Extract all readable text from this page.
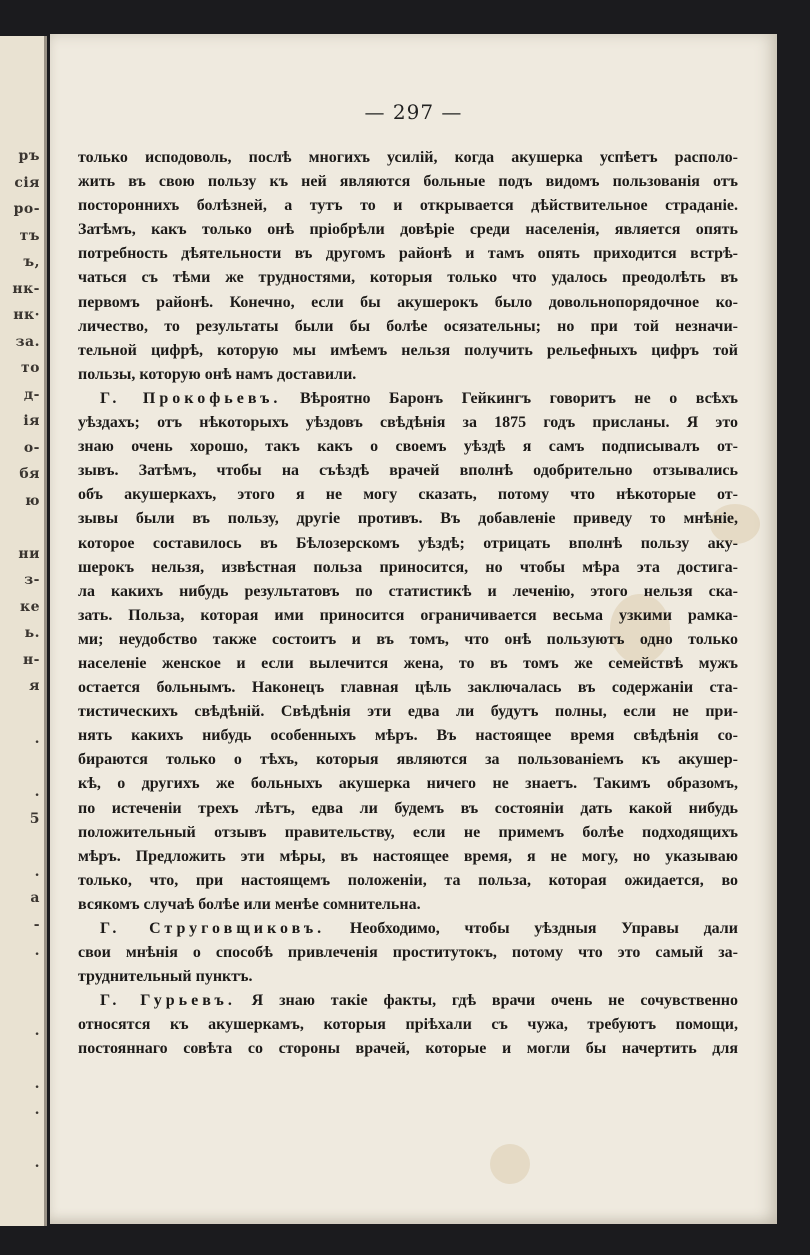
ръ
сія
ро-
тъ
ъ,
нк-
нк·
за.
то
д-
ія
о-
бя
ю
ни
з-
ке
ь.
н-
я
.
.
5
.
а
-
.
.
.
.
.
— 297 —
только исподоволь, послѣ многихъ усилій, когда акушерка успѣетъ располо-
жить въ свою пользу къ ней являются больные подъ видомъ пользованія отъ
постороннихъ болѣзней, а тутъ то и открывается дѣйствительное страданіе.
Затѣмъ, какъ только онѣ пріобрѣли довѣріе среди населенія, является опять
потребность дѣятельности въ другомъ районѣ и тамъ опять приходится встрѣ-
чаться съ тѣми же трудностями, которыя только что удалось преодолѣть въ
первомъ районѣ. Конечно, если бы акушерокъ было довольнопорядочное ко-
личество, то результаты были бы болѣе осязательны; но при той незначи-
тельной цифрѣ, которую мы имѣемъ нельзя получить рельефныхъ цифръ той
пользы, которую онѣ намъ доставили.
Г. Прокофьевъ. Вѣроятно Баронъ Гейкингъ говоритъ не о всѣхъ
уѣздахъ; отъ нѣкоторыхъ уѣздовъ свѣдѣнія за 1875 годъ присланы. Я это
знаю очень хорошо, такъ какъ о своемъ уѣздѣ я самъ подписывалъ от-
зывъ. Затѣмъ, чтобы на съѣздѣ врачей вполнѣ одобрительно отзывались
объ акушеркахъ, этого я не могу сказать, потому что нѣкоторые от-
зывы были въ пользу, другіе противъ. Въ добавленіе приведу то мнѣніе,
которое составилось въ Бѣлозерскомъ уѣздѣ; отрицать вполнѣ пользу аку-
шерокъ нельзя, извѣстная польза приносится, но чтобы мѣра эта достига-
ла какихъ нибудь результатовъ по статистикѣ и леченію, этого нельзя ска-
зать. Польза, которая ими приносится ограничивается весьма узкими рамка-
ми; неудобство также состоитъ и въ томъ, что онѣ пользуютъ одно только
населеніе женское и если вылечится жена, то въ томъ же семействѣ мужъ
остается больнымъ. Наконецъ главная цѣль заключалась въ содержаніи ста-
тистическихъ свѣдѣній. Свѣдѣнія эти едва ли будутъ полны, если не при-
нять какихъ нибудь особенныхъ мѣръ. Въ настоящее время свѣдѣнія со-
бираются только о тѣхъ, которыя являются за пользованіемъ къ акушер-
кѣ, о другихъ же больныхъ акушерка ничего не знаетъ. Такимъ образомъ,
по истеченіи трехъ лѣтъ, едва ли будемъ въ состояніи дать какой нибудь
положительный отзывъ правительству, если не примемъ болѣе подходящихъ
мѣръ. Предложить эти мѣры, въ настоящее время, я не могу, но указываю
только, что, при настоящемъ положеніи, та польза, которая ожидается, во
всякомъ случаѣ болѣе или менѣе сомнительна.
Г. Струговщиковъ. Необходимо, чтобы уѣздныя Управы дали
свои мнѣнія о способѣ привлеченія проститутокъ, потому что это самый за-
труднительный пунктъ.
Г. Гурьевъ. Я знаю такіе факты, гдѣ врачи очень не сочувственно
относятся къ акушеркамъ, которыя пріѣхали съ чужа, требуютъ помощи,
постояннаго совѣта со стороны врачей, которые и могли бы начертить для
